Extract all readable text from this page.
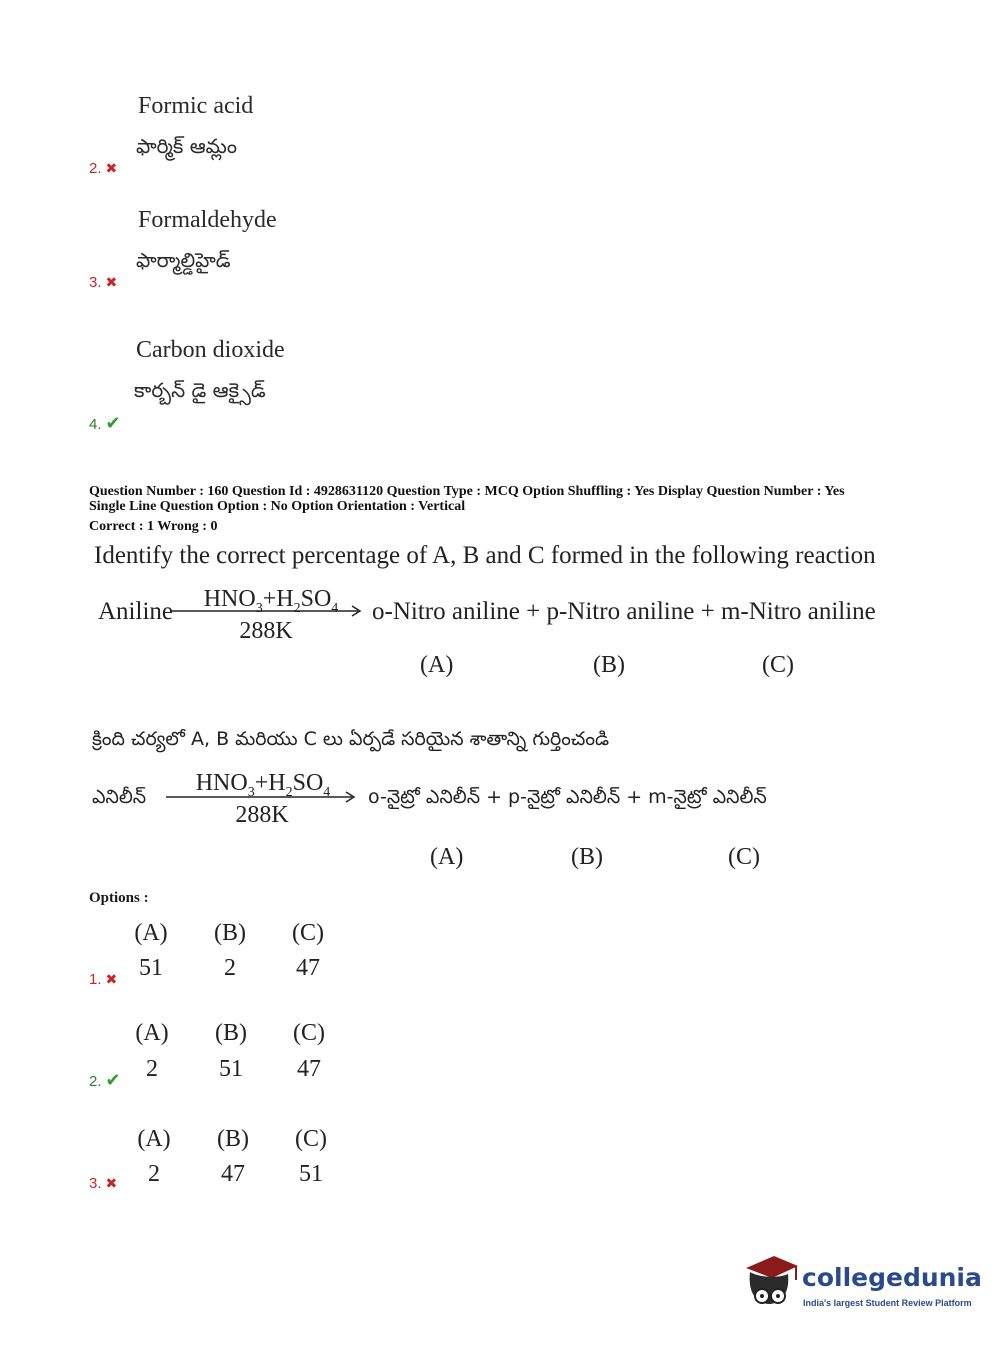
Formic acid
ఫార్మిక్ ఆమ్లం
2. ✖
Formaldehyde
ఫార్మాల్డిహైడ్
3. ✖
Carbon dioxide
కార్బన్ డై ఆక్సైడ్
4. ✔
Question Number : 160 Question Id : 4928631120 Question Type : MCQ Option Shuffling : Yes Display Question Number : Yes
Single Line Question Option : No Option Orientation : Vertical
Correct : 1 Wrong : 0
Identify the correct percentage of A, B and C formed in the following reaction
Aniline	$HNO_3+H_2SO_4$
288K
o-Nitro aniline + p-Nitro aniline + m-Nitro aniline
(A)	(B)	(C)
క్రింది చర్యలో A, B మరియు C లు ఏర్పడే సరియైన శాతాన్ని గుర్తించండి
ఎనిలీన్
$HNO_3+H_2SO_4$
288K
o-నైట్రో ఎనిలీన్ + p-నైట్రో ఎనిలీన్ + m-నైట్రో ఎనిలీన్
(A)	(B)	(C)
Options :
(A)	(B)	(C)
51	2	47
1. ✖
(A)	(B)	(C)
2	51	47
2. ✔
(A)	(B)	(C)
2	47	51
3. ✖
collegedunia
India's largest Student Review Platform
